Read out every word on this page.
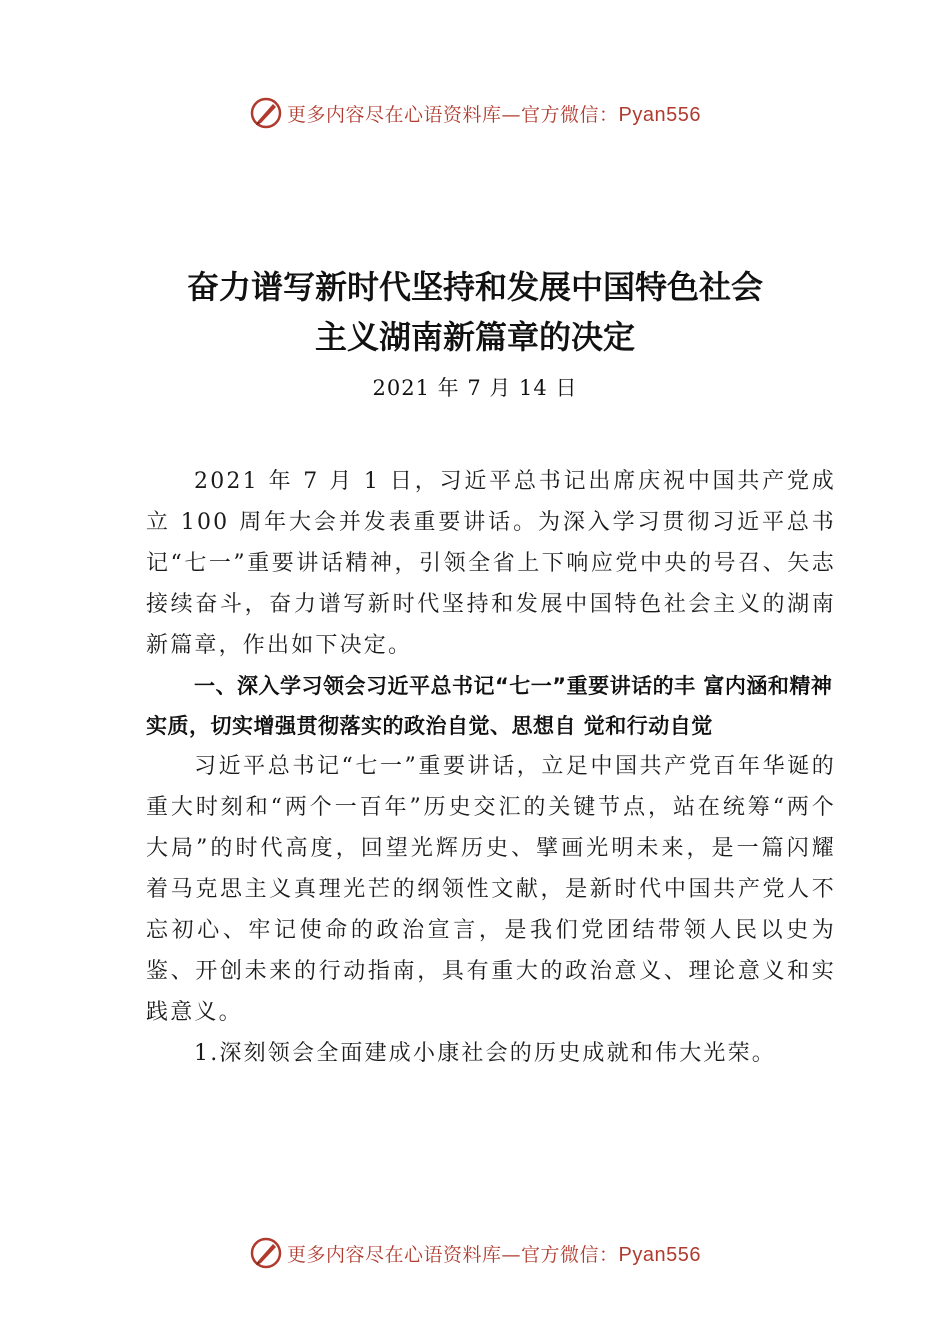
更多内容尽在心语资料库—官方微信：Pyan556
奋力谱写新时代坚持和发展中国特色社会
主义湖南新篇章的决定
2021 年 7 月 14 日

2021 年 7 月 1 日，习近平总书记出席庆祝中国共产党成立 100 周年大会并发表重要讲话。为深入学习贯彻习近平总书记“七一”重要讲话精神，引领全省上下响应党中央的号召、矢志接续奋斗，奋力谱写新时代坚持和发展中国特色社会主义的湖南新篇章，作出如下决定。

一、深入学习领会习近平总书记“七一”重要讲话的丰 富内涵和精神实质，切实增强贯彻落实的政治自觉、思想自 觉和行动自觉

习近平总书记“七一”重要讲话，立足中国共产党百年华诞的重大时刻和“两个一百年”历史交汇的关键节点，站在统筹“两个大局”的时代高度，回望光辉历史、擘画光明未来，是一篇闪耀着马克思主义真理光芒的纲领性文献，是新时代中国共产党人不忘初心、牢记使命的政治宣言，是我们党团结带领人民以史为鉴、开创未来的行动指南，具有重大的政治意义、理论意义和实践意义。

1.深刻领会全面建成小康社会的历史成就和伟大光荣。

更多内容尽在心语资料库—官方微信：Pyan556
